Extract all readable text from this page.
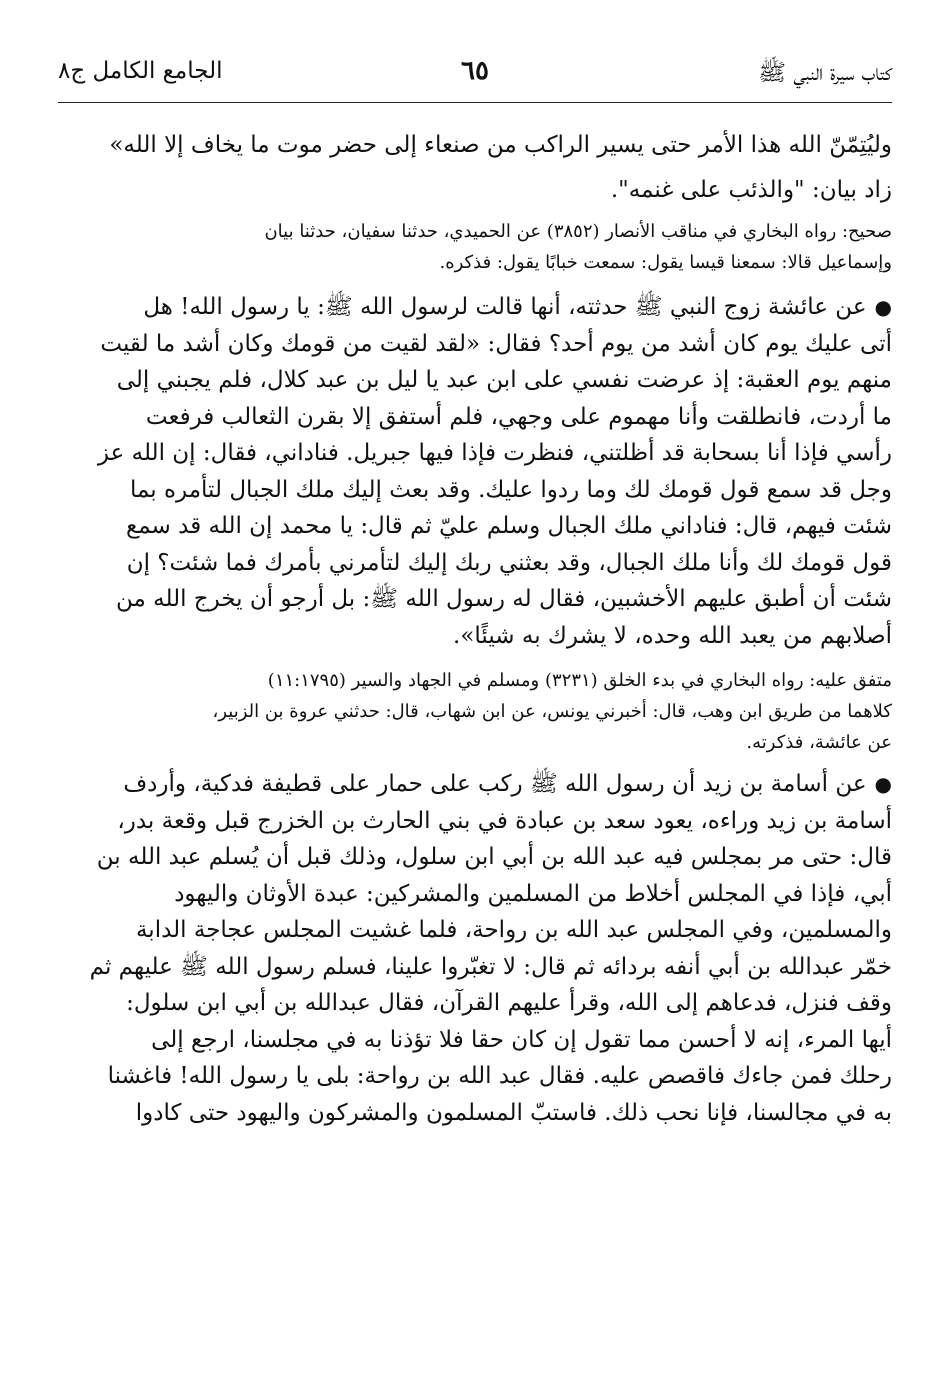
كتاب سيرة النبي ﷺ
٦٥
الجامع الكامل ج٨

وليُتِمّنّ الله هذا الأمر حتى يسير الراكب من صنعاء إلى حضر موت ما يخاف إلا الله»

زاد بيان: "والذئب على غنمه".

صحيح: رواه البخاري في مناقب الأنصار (٣٨٥٢) عن الحميدي، حدثنا سفيان، حدثنا بيان

وإسماعيل قالا: سمعنا قيسا يقول: سمعت خبابًا يقول: فذكره.

●عن عائشة زوج النبي ﷺ حدثته، أنها قالت لرسول الله ﷺ: يا رسول الله! هل

أتى عليك يوم كان أشد من يوم أحد؟ فقال: «لقد لقيت من قومك وكان أشد ما لقيت

منهم يوم العقبة: إذ عرضت نفسي على ابن عبد يا ليل بن عبد كلال، فلم يجبني إلى

ما أردت، فانطلقت وأنا مهموم على وجهي، فلم أستفق إلا بقرن الثعالب فرفعت

رأسي فإذا أنا بسحابة قد أظلتني، فنظرت فإذا فيها جبريل. فناداني، فقال: إن الله عز

وجل قد سمع قول قومك لك وما ردوا عليك. وقد بعث إليك ملك الجبال لتأمره بما

شئت فيهم، قال: فناداني ملك الجبال وسلم عليّ ثم قال: يا محمد إن الله قد سمع

قول قومك لك وأنا ملك الجبال، وقد بعثني ربك إليك لتأمرني بأمرك فما شئت؟ إن

شئت أن أطبق عليهم الأخشبين، فقال له رسول الله ﷺ: بل أرجو أن يخرج الله من

أصلابهم من يعبد الله وحده، لا يشرك به شيئًا».

متفق عليه: رواه البخاري في بدء الخلق (٣٢٣١) ومسلم في الجهاد والسير (١١:١٧٩٥)

كلاهما من طريق ابن وهب، قال: أخبرني يونس، عن ابن شهاب، قال: حدثني عروة بن الزبير،

عن عائشة، فذكرته.

●عن أسامة بن زيد أن رسول الله ﷺ ركب على حمار على قطيفة فدكية، وأردف

أسامة بن زيد وراءه، يعود سعد بن عبادة في بني الحارث بن الخزرج قبل وقعة بدر،

قال: حتى مر بمجلس فيه عبد الله بن أبي ابن سلول، وذلك قبل أن يُسلم عبد الله بن

أبي، فإذا في المجلس أخلاط من المسلمين والمشركين: عبدة الأوثان واليهود

والمسلمين، وفي المجلس عبد الله بن رواحة، فلما غشيت المجلس عجاجة الدابة

خمّر عبدالله بن أبي أنفه بردائه ثم قال: لا تغبّروا علينا، فسلم رسول الله ﷺ عليهم ثم

وقف فنزل، فدعاهم إلى الله، وقرأ عليهم القرآن، فقال عبدالله بن أبي ابن سلول:

أيها المرء، إنه لا أحسن مما تقول إن كان حقا فلا تؤذنا به في مجلسنا، ارجع إلى

رحلك فمن جاءك فاقصص عليه. فقال عبد الله بن رواحة: بلى يا رسول الله! فاغشنا

به في مجالسنا، فإنا نحب ذلك. فاستبّ المسلمون والمشركون واليهود حتى كادوا
